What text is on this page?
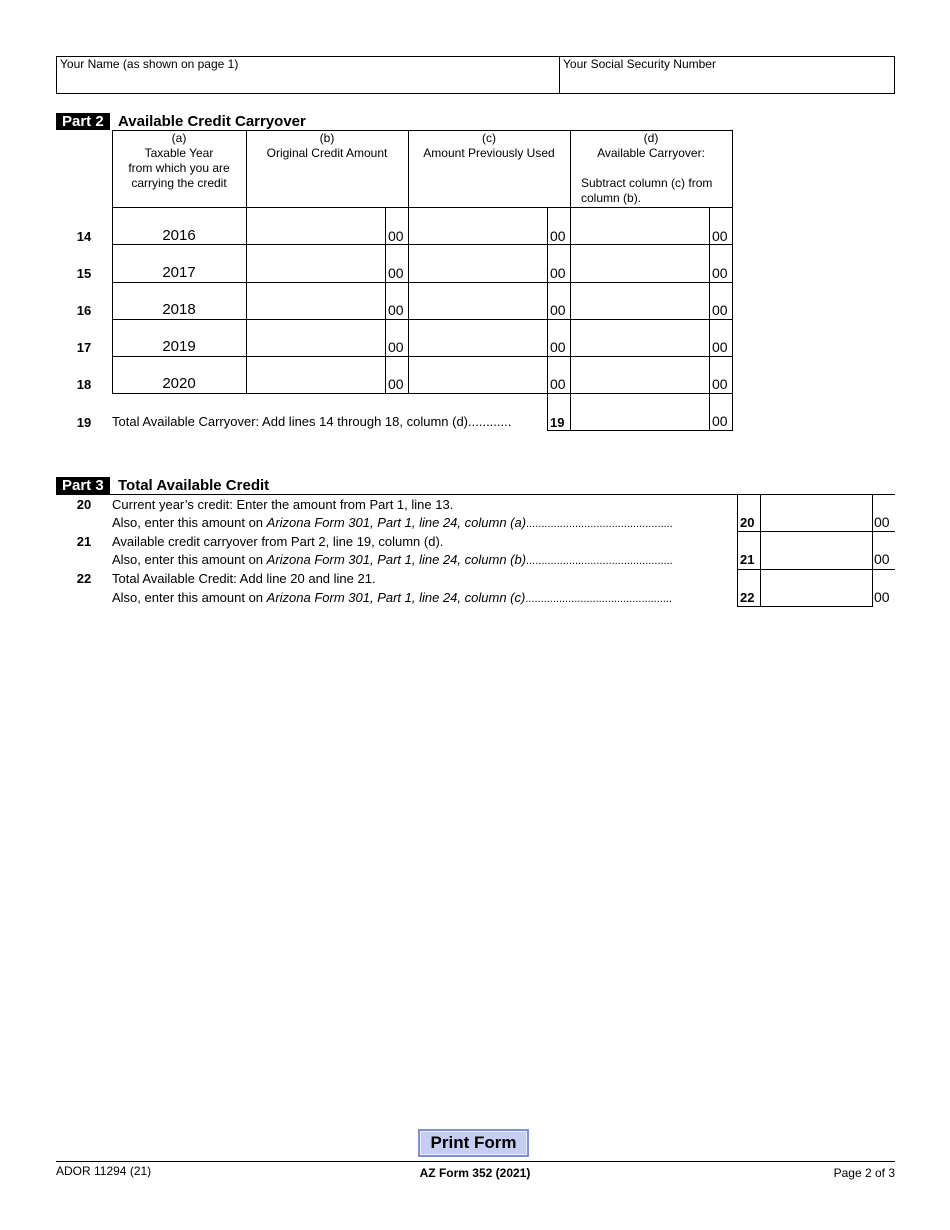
Your Name (as shown on page 1)	Your Social Security Number
Part 2 Available Credit Carryover
(a)
Taxable Year
from which you are
carrying the credit
(b)
Original Credit Amount
(c)
Amount Previously Used
(d)
Available Carryover:
Subtract column (c) from
column (b).
14	2016	00	00	00
15	2017	00	00	00
16	2018	00	00	00
17	2019	00	00	00
18	2020	00	00	00
19	Total Available Carryover: Add lines 14 through 18, column (d)............	19	00
Part 3 Total Available Credit
20	Current year’s credit: Enter the amount from Part 1, line 13.
Also, enter this amount on Arizona Form 301, Part 1, line 24, column (a)................................................	20	00
21	Available credit carryover from Part 2, line 19, column (d).
Also, enter this amount on Arizona Form 301, Part 1, line 24, column (b)................................................	21	00
22	Total Available Credit: Add line 20 and line 21.
Also, enter this amount on Arizona Form 301, Part 1, line 24, column (c)................................................	22	00
Print Form
ADOR 11294 (21)	AZ Form 352 (2021)	Page 2 of 3
